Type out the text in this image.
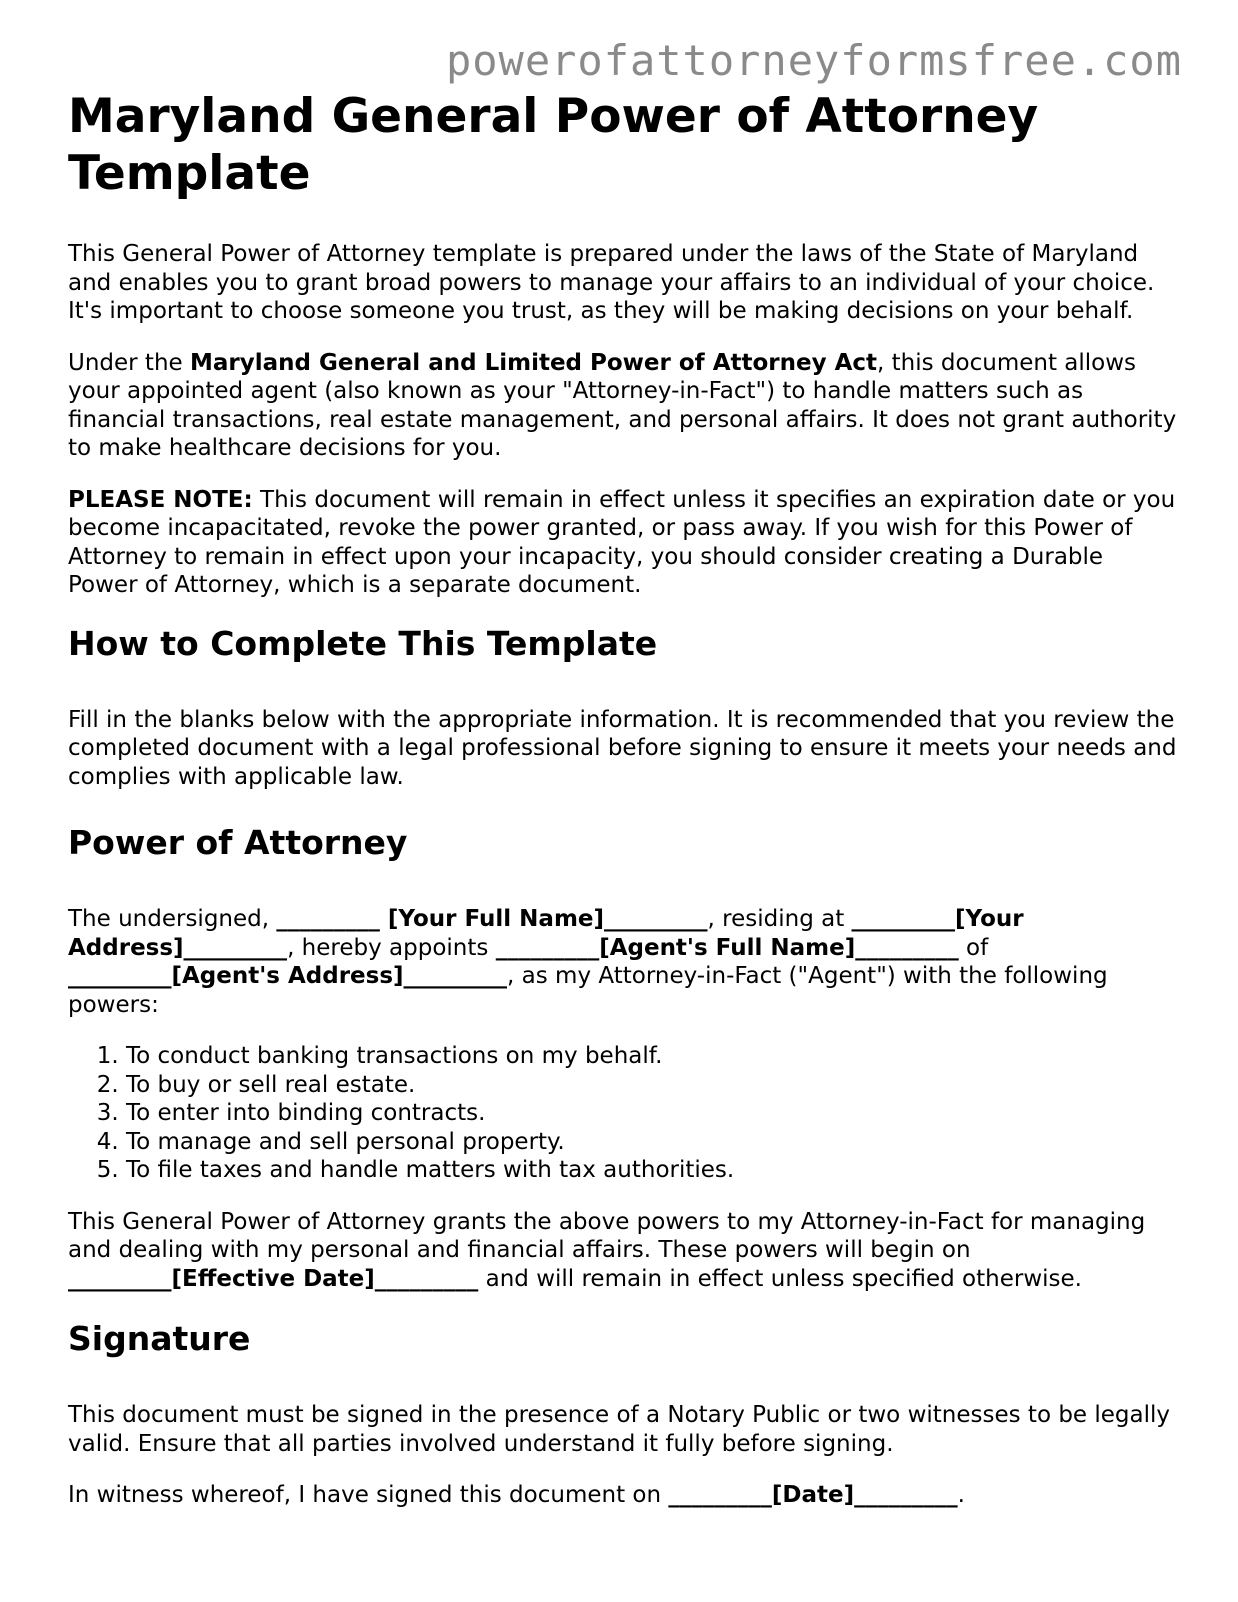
powerofattorneyformsfree.com
Maryland General Power of Attorney Template

This General Power of Attorney template is prepared under the laws of the State of Maryland and enables you to grant broad powers to manage your affairs to an individual of your choice. It's important to choose someone you trust, as they will be making decisions on your behalf.

Under the Maryland General and Limited Power of Attorney Act, this document allows your appointed agent (also known as your "Attorney-in-Fact") to handle matters such as financial transactions, real estate management, and personal affairs. It does not grant authority to make healthcare decisions for you.

PLEASE NOTE: This document will remain in effect unless it specifies an expiration date or you become incapacitated, revoke the power granted, or pass away. If you wish for this Power of Attorney to remain in effect upon your incapacity, you should consider creating a Durable Power of Attorney, which is a separate document.

How to Complete This Template

Fill in the blanks below with the appropriate information. It is recommended that you review the completed document with a legal professional before signing to ensure it meets your needs and complies with applicable law.

Power of Attorney

The undersigned, _________ [Your Full Name]_________, residing at _________[Your Address]_________, hereby appoints _________[Agent's Full Name]_________ of _________[Agent's Address]_________, as my Attorney-in-Fact ("Agent") with the following powers:

1. To conduct banking transactions on my behalf.
2. To buy or sell real estate.
3. To enter into binding contracts.
4. To manage and sell personal property.
5. To file taxes and handle matters with tax authorities.

This General Power of Attorney grants the above powers to my Attorney-in-Fact for managing and dealing with my personal and financial affairs. These powers will begin on _________[Effective Date]_________ and will remain in effect unless specified otherwise.

Signature

This document must be signed in the presence of a Notary Public or two witnesses to be legally valid. Ensure that all parties involved understand it fully before signing.

In witness whereof, I have signed this document on _________[Date]_________.
